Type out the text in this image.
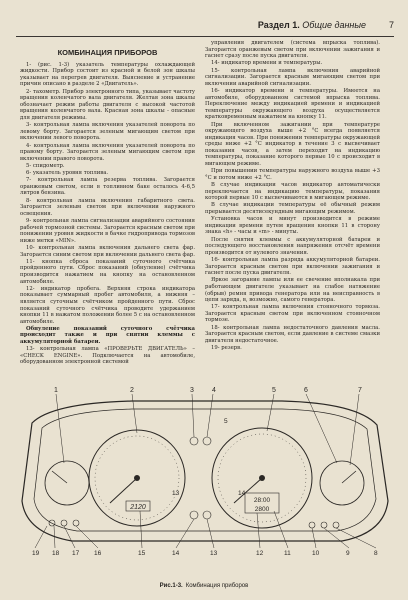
Раздел 1. Общие данные	7
КОМБИНАЦИЯ ПРИБОРОВ

1- (рис. 1-3) указатель температуры охлаждающей жидкости. Прибор состоит из красной и белой зон шкалы указывает на перегрев двигателя. Выяснение и устранение причин описано в разделе 2 «Двигатель».

2- тахометр. Прибор электронного типа, указывает частоту вращения коленчатого вала двигателя. Желтая зона шкалы обозначает режим работы двигателя с высокой частотой вращения коленчатого вала. Красная зона шкалы - опасные для двигателя режимы.

3- контрольная лампа включения указателей поворота по левому борту. Загорается зеленым мигающим светом при включении левого поворота.

4- контрольная лампа включения указателей поворота по правому борту. Загорается зеленым мигающим светом при включении правого поворота.

5- спидометр.

6- указатель уровня топлива.

7- контрольная лампа резерва топлива. Загорается оранжевым светом, если в топливном баке осталось 4-6,5 литров бензина.

8- контрольная лампа включения габаритного света. Загорается зеленым светом при включении наружного освещения.

9- контрольная лампа сигнализации аварийного состояния рабочей тормозной системы. Загорается красным светом при понижении уровня жидкости в бачке гидропривода тормозов ниже метки «MIN».

10- контрольная лампа включения дальнего света фар. Загорается синим светом при включении дальнего света фар.

11- кнопка сброса показаний суточного счётчика пройденного пути. Сброс показаний (обнуление) счётчика производится нажатием на кнопку на остановленном автомобиле.

12- индикатор пробега. Верхняя строка индикатора показывает суммарный пробег автомобиля, а нижняя – является суточным счётчиком пройденного пути. Сброс показаний суточного счётчика проводите удержанием кнопки 11 в нажатом положении более 5 с на остановленном автомобиле.

Обнуление показаний суточного счётчика происходит также и при снятии клеммы с аккумуляторной батареи.

13- контрольная лампа «ПРОВЕРЬТЕ ДВИГАТЕЛЬ» – «CHECK ENGINE». Подключается на автомобиле, оборудованном электронной системой

управления двигателем (система впрыска топлива). Загорается оранжевым светом при включении зажигания и гаснет сразу после пуска двигателя.

14- индикатор времени и температуры.

15- контрольная лампа включения аварийной сигнализации. Загорается красным мигающим светом при включении аварийной сигнализации.

16- индикатор времени и температуры. Имеется на автомобиле, оборудованном системой впрыска топлива. Переключение между индикацией времени и индикацией температуры окружающего воздуха осуществляется кратковременным нажатием на кнопку 11.

При включенном зажигании при температуре окружающего воздуха выше +2 °С всегда появляется индикация часов. При понижении температуры окружающей среды ниже +2 °С индикатор в течение 3 с высвечивает показания часов, а затем переходит на индикацию температуры, показание которого первые 10 с происходит в мигающем режиме.

При повышении температуры наружного воздуха выше +3 °С и потом ниже +2 °С.

В случае индикации часов индикатор автоматически переключается на индикацию температуры, показания которой первые 10 с высвечиваются в мигающем режиме.

В случае индикации температуры её обычный режим прерывается десятисекундным мигающим режимом.

Установка часов и минут производится в режиме индикации времени путем вращения кнопки 11 в сторону знака «h» - часы и «m» - минуты.

После снятия клеммы с аккумуляторной батареи и последующего восстановления напряжения отсчёт времени производится от нулевого значения.

16- контрольная лампа разряда аккумуляторной батареи. Загорается красным светом при включении зажигания и гаснет после пуска двигателя.

Яркое загорание лампы или ее свечение вполнакала при работающем двигателе указывает на слабое натяжение (обрыв) ремня привода генератора или на неисправность в цепи заряда, в, возможно, самого генератора.

17- контрольная лампа включения стояночного тормоза. Загорается красным светом при включенном стояночном тормозе.

18- контрольная лампа недостаточного давления масла. Загорается красным светом, если давление в системе смазки двигателя недостаточное.

19- резерв.

2120
28:00
2800
1	2	3	4	5	6	7
19 18 17 16	15	14	13	12	11	10	9	8
5
13	14
Рис.1-3. Комбинация приборов
